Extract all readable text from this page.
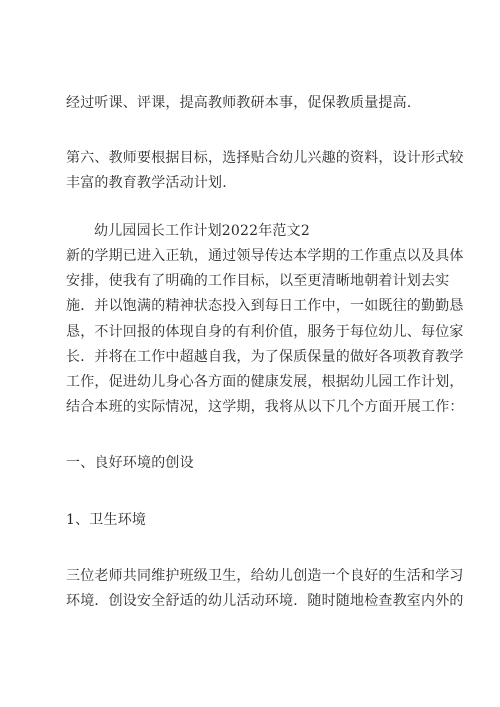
经过听课、评课，提高教师教研本事，促保教质量提高.
第六、教师要根据目标，选择贴合幼儿兴趣的资料，设计形式较
丰富的教育教学活动计划.
幼儿园园长工作计划2022年范文2
新的学期已进入正轨，通过领导传达本学期的工作重点以及具体
安排，使我有了明确的工作目标，以至更清晰地朝着计划去实
施．并以饱满的精神状态投入到每日工作中，一如既往的勤勤恳
恳，不计回报的体现自身的有利价值，服务于每位幼儿、每位家
长．并将在工作中超越自我，为了保质保量的做好各项教育教学
工作，促进幼儿身心各方面的健康发展，根据幼儿园工作计划，
结合本班的实际情况，这学期，我将从以下几个方面开展工作：
一、良好环境的创设
1、卫生环境
三位老师共同维护班级卫生，给幼儿创造一个良好的生活和学习
环境．创设安全舒适的幼儿活动环境．随时随地检查教室内外的
